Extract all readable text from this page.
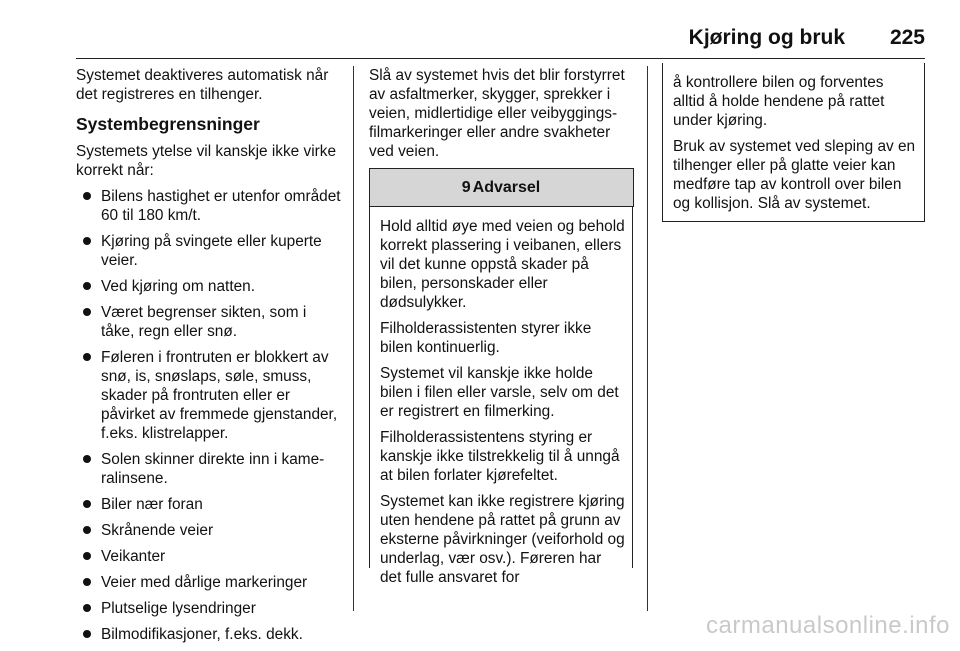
Kjøring og bruk 225

Systemet deaktiveres automatisk når det registreres en tilhenger.

Systembegrensninger

Systemets ytelse vil kanskje ikke virke korrekt når:

Bilens hastighet er utenfor området 60 til 180 km/t.
Kjøring på svingete eller kuperte veier.
Ved kjøring om natten.
Været begrenser sikten, som i tåke, regn eller snø.
Føleren i frontruten er blokkert av snø, is, snøslaps, søle, smuss, skader på frontruten eller er påvirket av fremmede gjenstander, f.eks. klistrelapper.
Solen skinner direkte inn i kameralinsene.
Biler nær foran
Skrånende veier
Veikanter
Veier med dårlige markeringer
Plutselige lysendringer
Bilmodifikasjoner, f.eks. dekk.

Slå av systemet hvis det blir forstyrret av asfaltmerker, skygger, sprekker i veien, midlertidige eller veibyggingsfilmarkeringer eller andre svakheter ved veien.

9 Advarsel

Hold alltid øye med veien og behold korrekt plassering i veibanen, ellers vil det kunne oppstå skader på bilen, personskader eller dødsulykker.

Filholderassistenten styrer ikke bilen kontinuerlig.

Systemet vil kanskje ikke holde bilen i filen eller varsle, selv om det er registrert en filmerking.

Filholderassistentens styring er kanskje ikke tilstrekkelig til å unngå at bilen forlater kjørefeltet.

Systemet kan ikke registrere kjøring uten hendene på rattet på grunn av eksterne påvirkninger (veiforhold og underlag, vær osv.). Føreren har det fulle ansvaret for

å kontrollere bilen og forventes alltid å holde hendene på rattet under kjøring.

Bruk av systemet ved sleping av en tilhenger eller på glatte veier kan medføre tap av kontroll over bilen og kollisjon. Slå av systemet.

carmanualsonline.info
